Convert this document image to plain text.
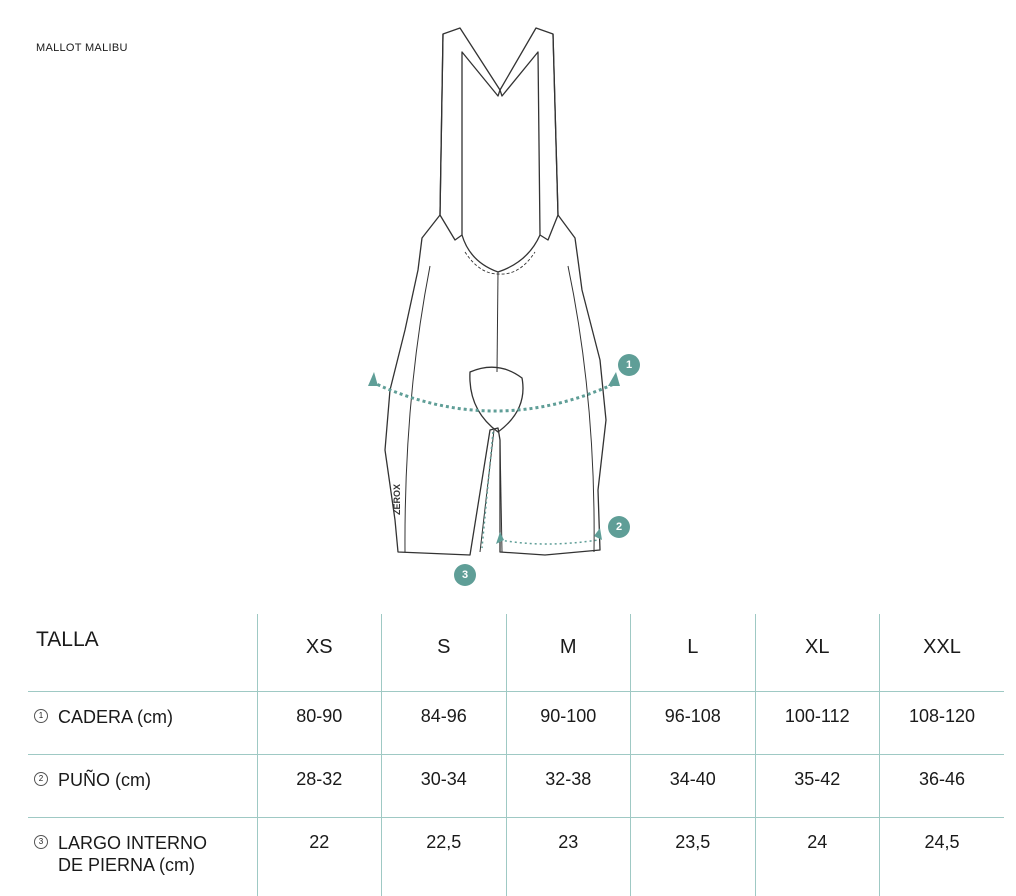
MALLOT MALIBU
ZEROX
1
2
3
TALLA	XS	S	M	L	XL	XXL
1 CADERA (cm)	80-90	84-96	90-100	96-108	100-112	108-120
2 PUÑO (cm)	28-32	30-34	32-38	34-40	35-42	36-46
3 LARGO INTERNO
DE PIERNA (cm)	22	22,5	23	23,5	24	24,5
